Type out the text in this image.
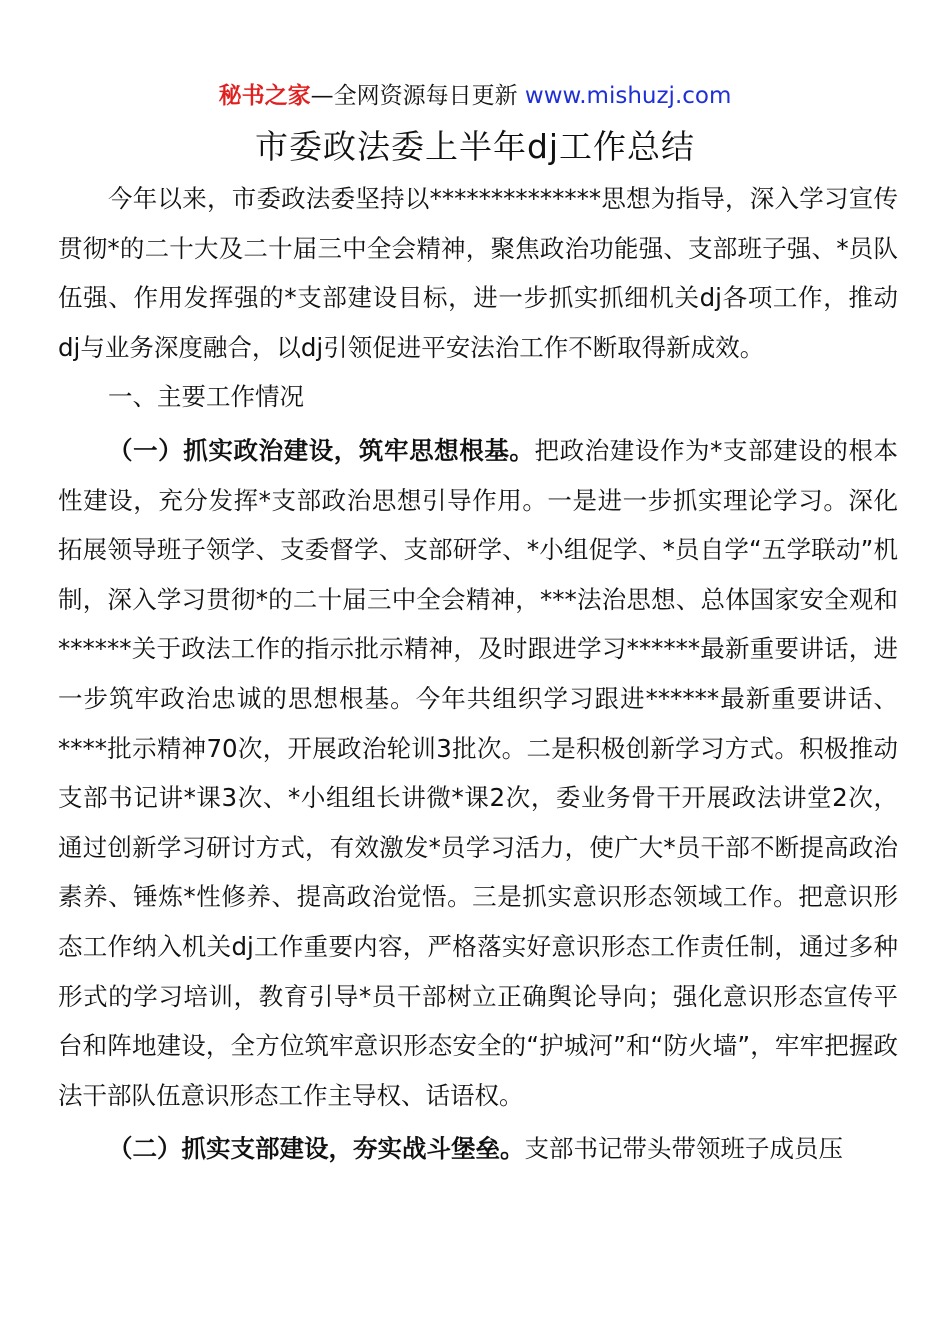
秘书之家—全网资源每日更新 www.mishuzj.com
市委政法委上半年dj工作总结

今年以来，市委政法委坚持以**************思想为指导，深入学习宣传贯彻*的二十大及二十届三中全会精神，聚焦政治功能强、支部班子强、*员队伍强、作用发挥强的*支部建设目标，进一步抓实抓细机关dj各项工作，推动dj与业务深度融合，以dj引领促进平安法治工作不断取得新成效。

一、主要工作情况

（一）抓实政治建设，筑牢思想根基。把政治建设作为*支部建设的根本性建设，充分发挥*支部政治思想引导作用。一是进一步抓实理论学习。深化拓展领导班子领学、支委督学、支部研学、*小组促学、*员自学“五学联动”机制，深入学习贯彻*的二十届三中全会精神，***法治思想、总体国家安全观和******关于政法工作的指示批示精神，及时跟进学习******最新重要讲话，进一步筑牢政治忠诚的思想根基。今年共组织学习跟进******最新重要讲话、****批示精神70次，开展政治轮训3批次。二是积极创新学习方式。积极推动支部书记讲*课3次、*小组组长讲微*课2次，委业务骨干开展政法讲堂2次，通过创新学习研讨方式，有效激发*员学习活力，使广大*员干部不断提高政治素养、锤炼*性修养、提高政治觉悟。三是抓实意识形态领域工作。把意识形态工作纳入机关dj工作重要内容，严格落实好意识形态工作责任制，通过多种形式的学习培训，教育引导*员干部树立正确舆论导向；强化意识形态宣传平台和阵地建设，全方位筑牢意识形态安全的“护城河”和“防火墙”，牢牢把握政法干部队伍意识形态工作主导权、话语权。

（二）抓实支部建设，夯实战斗堡垒。支部书记带头带领班子成员压
